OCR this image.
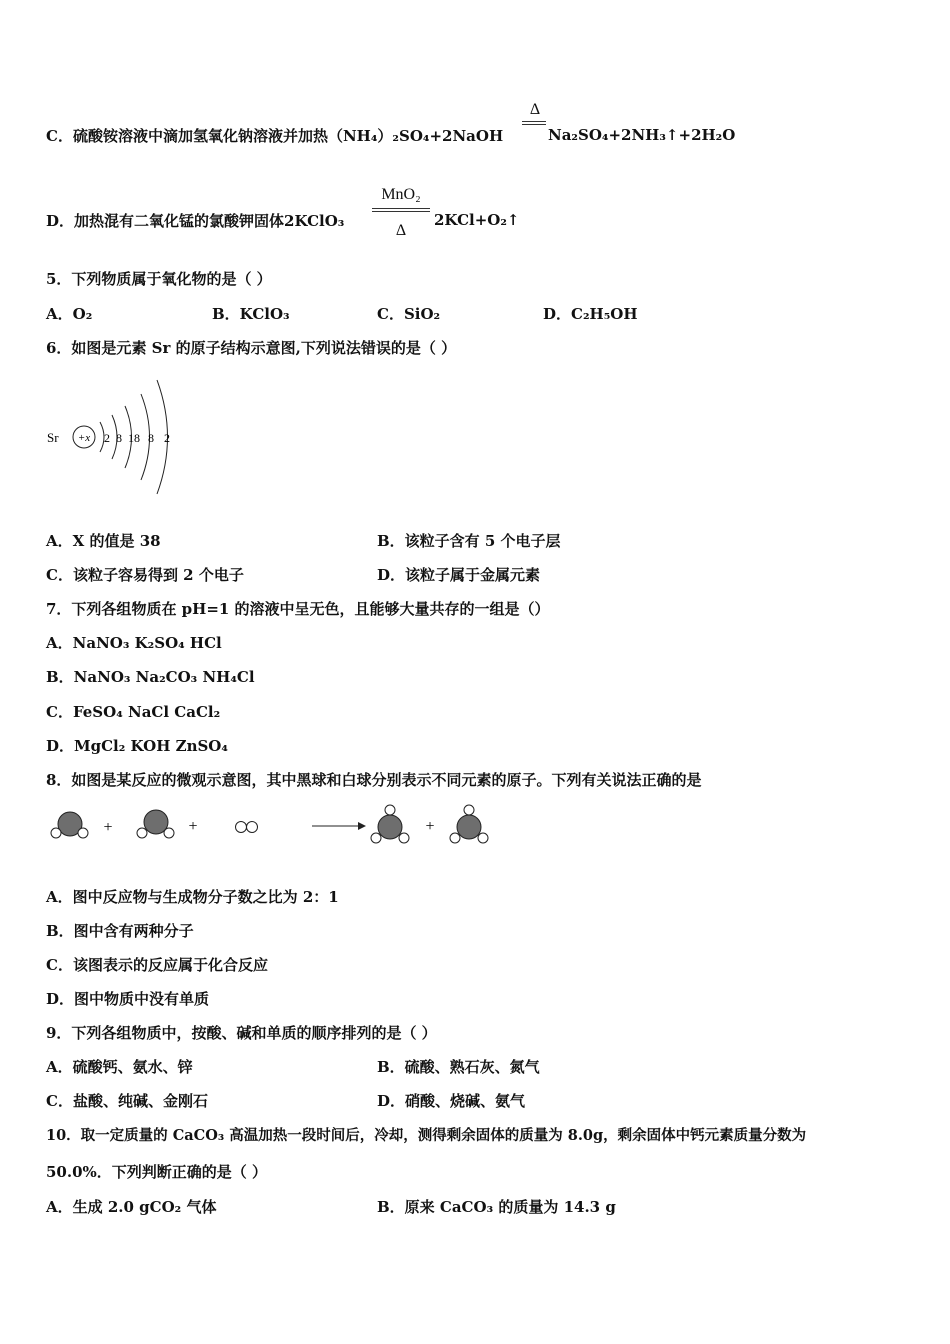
C．硫酸铵溶液中滴加氢氧化钠溶液并加热（NH₄）₂SO₄+2NaOH
Δ
Na₂SO₄+2NH₃↑+2H₂O
D．加热混有二氧化锰的氯酸钾固体2KClO₃
MnO₂
Δ
2KCl+O₂↑
5．下列物质属于氧化物的是（ ）
A．O₂	B．KClO₃	C．SiO₂	D．C₂H₅OH
6．如图是元素 Sr 的原子结构示意图,下列说法错误的是（ ）
Sr +x 2 8 18 8 2
A．X 的值是 38	B．该粒子含有 5 个电子层
C．该粒子容易得到 2 个电子	D．该粒子属于金属元素
7．下列各组物质在 pH=1 的溶液中呈无色，且能够大量共存的一组是（）
A．NaNO₃ K₂SO₄ HCl
B．NaNO₃ Na₂CO₃ NH₄Cl
C．FeSO₄ NaCl CaCl₂
D．MgCl₂ KOH ZnSO₄
8．如图是某反应的微观示意图，其中黑球和白球分别表示不同元素的原子。下列有关说法正确的是
+	+	+
A．图中反应物与生成物分子数之比为 2：1
B．图中含有两种分子
C．该图表示的反应属于化合反应
D．图中物质中没有单质
9．下列各组物质中，按酸、碱和单质的顺序排列的是（ ）
A．硫酸钙、氨水、锌	B．硫酸、熟石灰、氮气
C．盐酸、纯碱、金刚石	D．硝酸、烧碱、氨气
10．取一定质量的 CaCO₃ 高温加热一段时间后，冷却，测得剩余固体的质量为 8.0g，剩余固体中钙元素质量分数为
50.0%．下列判断正确的是（ ）
A．生成 2.0 gCO₂ 气体	B．原来 CaCO₃ 的质量为 14.3 g
